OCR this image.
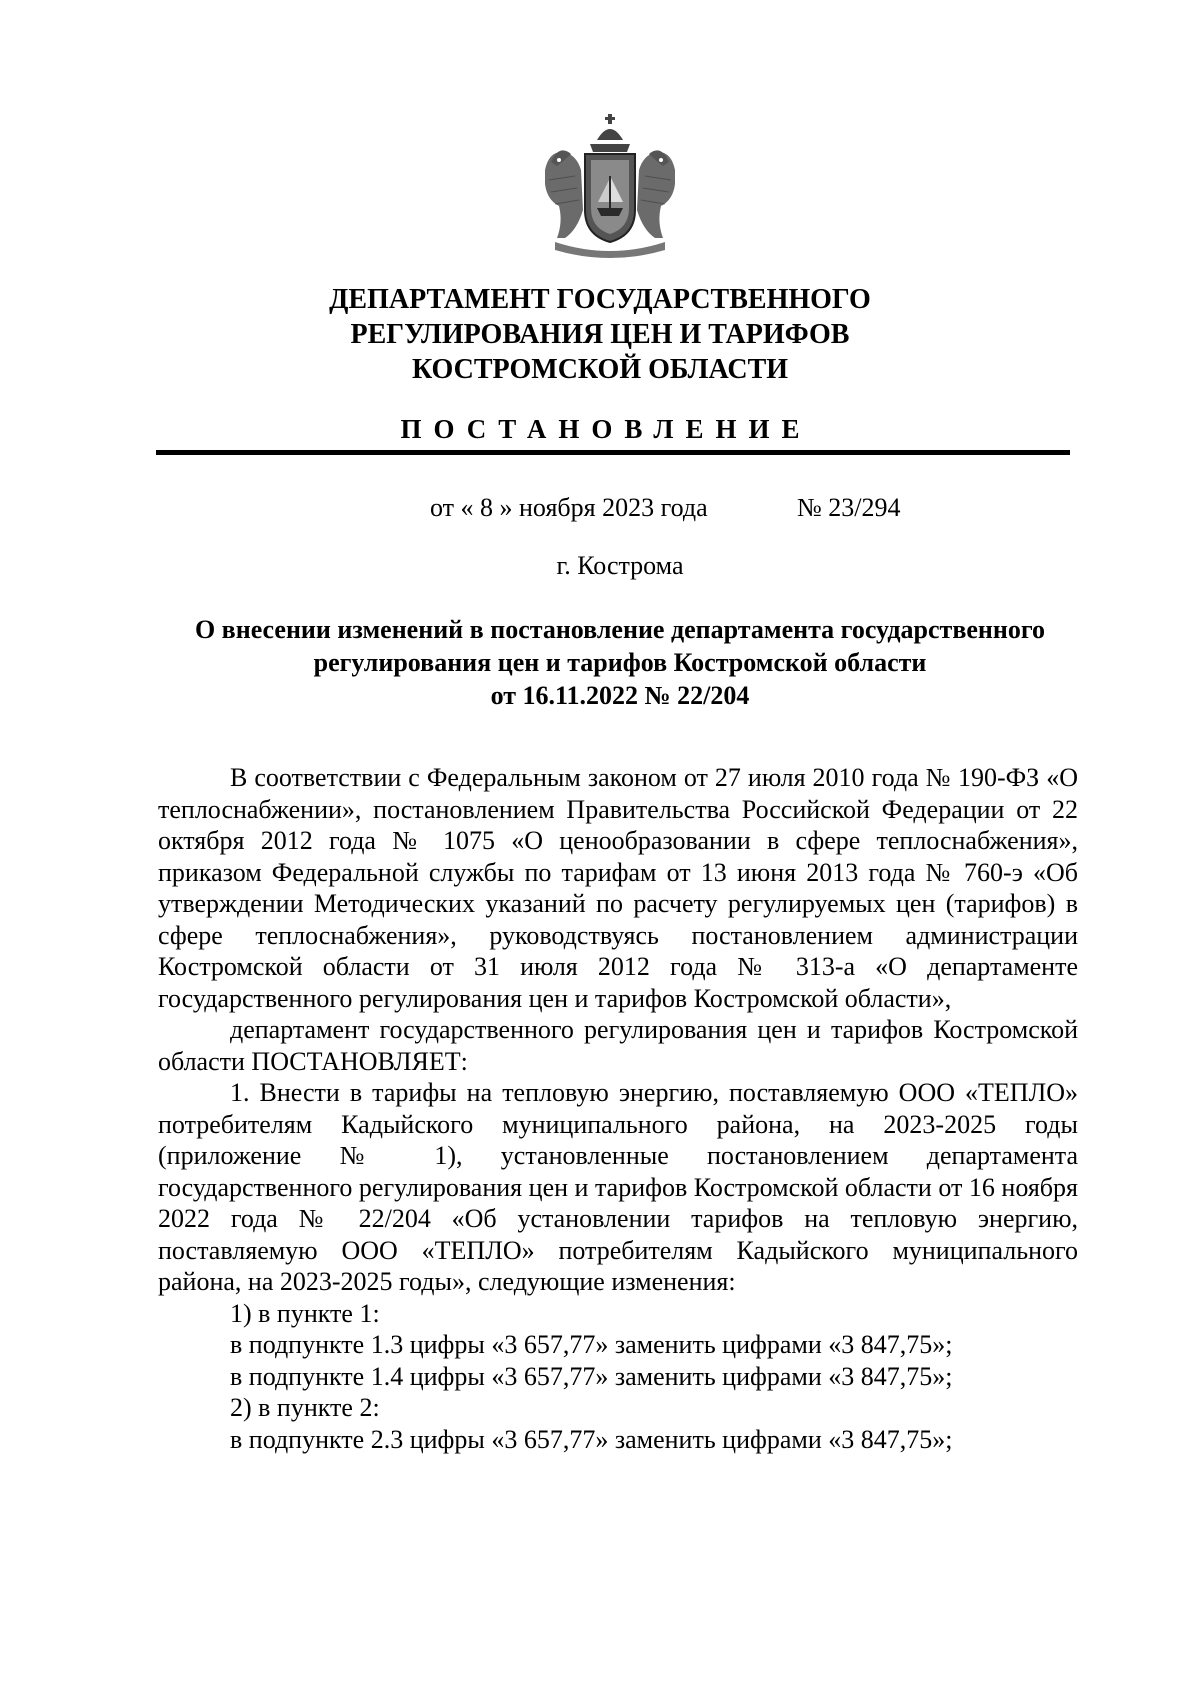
ДЕПАРТАМЕНТ ГОСУДАРСТВЕННОГО
РЕГУЛИРОВАНИЯ ЦЕН И ТАРИФОВ
КОСТРОМСКОЙ ОБЛАСТИ
ПОСТАНОВЛЕНИЕ
от « 8 » ноября 2023 года	№ 23/294
г. Кострома
О внесении изменений в постановление департамента государственного
регулирования цен и тарифов Костромской области
от 16.11.2022 № 22/204

В соответствии с Федеральным законом от 27 июля 2010 года № 190-ФЗ «О теплоснабжении», постановлением Правительства Российской Федерации от 22 октября 2012 года № 1075 «О ценообразовании в сфере теплоснабжения», приказом Федеральной службы по тарифам от 13 июня 2013 года № 760-э «Об утверждении Методических указаний по расчету регулируемых цен (тарифов) в сфере теплоснабжения», руководствуясь постановлением администрации Костромской области от 31 июля 2012 года № 313-а «О департаменте государственного регулирования цен и тарифов Костромской области»,

департамент государственного регулирования цен и тарифов Костромской области ПОСТАНОВЛЯЕТ:

1. Внести в тарифы на тепловую энергию, поставляемую ООО «ТЕПЛО» потребителям Кадыйского муниципального района, на 2023-2025 годы (приложение № 1), установленные постановлением департамента государственного регулирования цен и тарифов Костромской области от 16 ноября 2022 года № 22/204 «Об установлении тарифов на тепловую энергию, поставляемую ООО «ТЕПЛО» потребителям Кадыйского муниципального района, на 2023-2025 годы», следующие изменения:

1) в пункте 1:

в подпункте 1.3 цифры «3 657,77» заменить цифрами «3 847,75»;

в подпункте 1.4 цифры «3 657,77» заменить цифрами «3 847,75»;

2) в пункте 2:

в подпункте 2.3 цифры «3 657,77» заменить цифрами «3 847,75»;
